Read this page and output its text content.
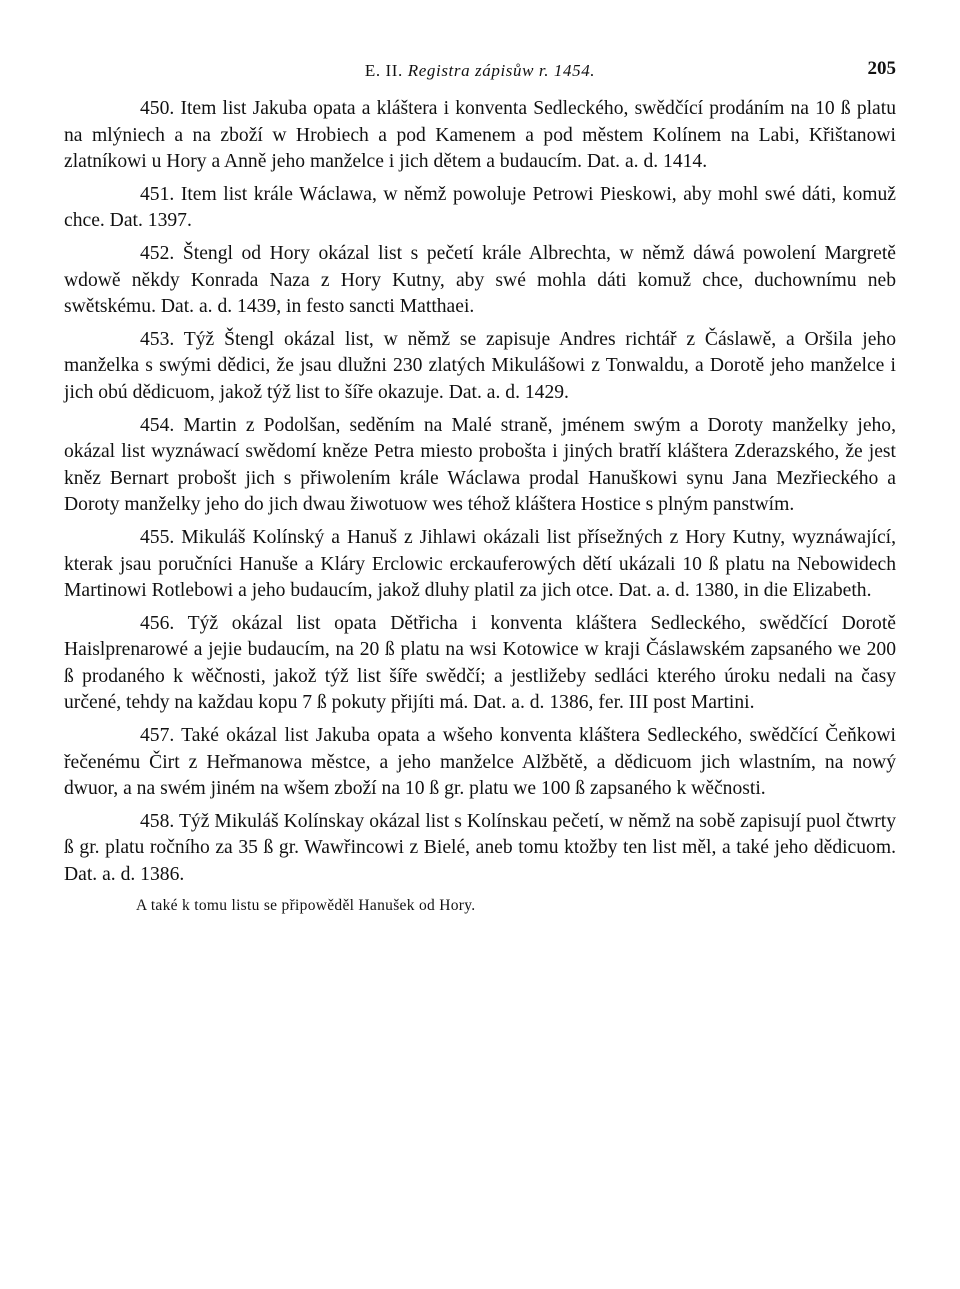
E. II. Registra zápisůw r. 1454.	205

450. Item list Jakuba opata a kláštera i konventa Sedleckého, swědčící prodáním na 10 ß platu na mlýniech a na zboží w Hrobiech a pod Kamenem a pod městem Kolínem na Labi, Křištanowi zlatníkowi u Hory a Anně jeho manželce i jich dětem a budaucím. Dat. a. d. 1414.

451. Item list krále Wáclawa, w němž powoluje Petrowi Pieskowi, aby mohl swé dáti, komuž chce. Dat. 1397.

452. Štengl od Hory okázal list s pečetí krále Albrechta, w němž dáwá powolení Margretě wdowě někdy Konrada Naza z Hory Kutny, aby swé mohla dáti komuž chce, duchownímu neb swětskému. Dat. a. d. 1439, in festo sancti Matthaei.

453. Týž Štengl okázal list, w němž se zapisuje Andres richtář z Čáslawě, a Oršila jeho manželka s swými dědici, že jsau dlužni 230 zlatých Mikulášowi z Tonwaldu, a Dorotě jeho manželce i jich obú dědicuom, jakož týž list to šíře okazuje. Dat. a. d. 1429.

454. Martin z Podolšan, seděním na Malé straně, jménem swým a Doroty manželky jeho, okázal list wyznáwací swědomí kněze Petra miesto probošta i jiných bratří kláštera Zderazského, že jest kněz Bernart probošt jich s přiwolením krále Wáclawa prodal Hanuškowi synu Jana Mezřieckého a Doroty manželky jeho do jich dwau žiwotuow wes téhož kláštera Hostice s plným panstwím.

455. Mikuláš Kolínský a Hanuš z Jihlawi okázali list přísežných z Hory Kutny, wyznáwající, kterak jsau poručníci Hanuše a Kláry Erclowic erckauferowých dětí ukázali 10 ß platu na Nebowidech Martinowi Rotlebowi a jeho budaucím, jakož dluhy platil za jich otce. Dat. a. d. 1380, in die Elizabeth.

456. Týž okázal list opata Dětřicha i konventa kláštera Sedleckého, swědčící Dorotě Haislprenarowé a jejie budaucím, na 20 ß platu na wsi Kotowice w kraji Čáslawském zapsaného we 200 ß prodaného k wěčnosti, jakož týž list šíře swědčí; a jestližeby sedláci kterého úroku nedali na časy určené, tehdy na každau kopu 7 ß pokuty přijíti má. Dat. a. d. 1386, fer. III post Martini.

457. Také okázal list Jakuba opata a wšeho konventa kláštera Sedleckého, swědčící Čeňkowi řečenému Čirt z Heřmanowa městce, a jeho manželce Alžbětě, a dědicuom jich wlastním, na nowý dwuor, a na swém jiném na wšem zboží na 10 ß gr. platu we 100 ß zapsaného k wěčnosti.

458. Týž Mikuláš Kolínskay okázal list s Kolínskau pečetí, w němž na sobě zapisují puol čtwrty ß gr. platu ročního za 35 ß gr. Wawřincowi z Bielé, aneb tomu ktožby ten list měl, a také jeho dědicuom. Dat. a. d. 1386.

A také k tomu listu se připowěděl Hanušek od Hory.
